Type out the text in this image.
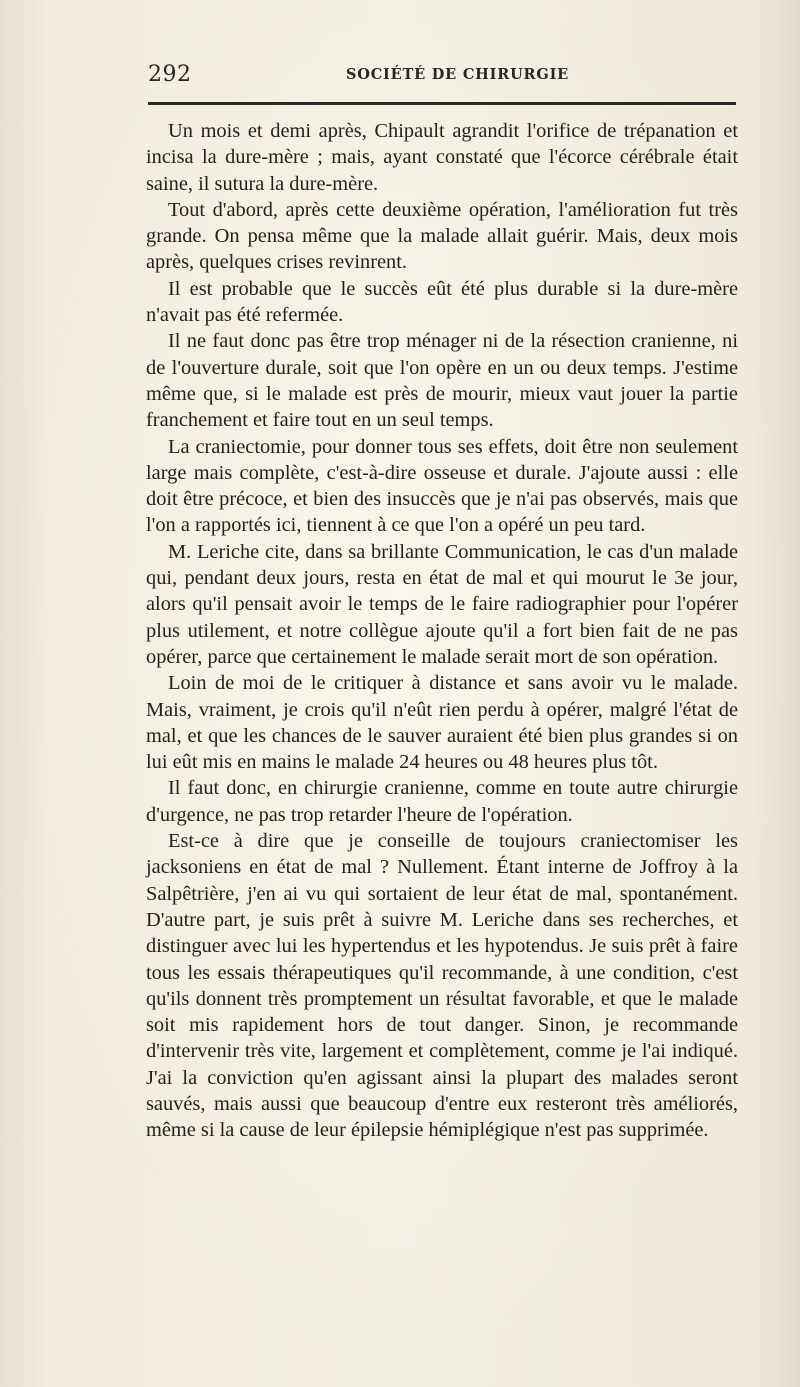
292	SOCIÉTÉ DE CHIRURGIE

Un mois et demi après, Chipault agrandit l'orifice de trépanation et incisa la dure-mère ; mais, ayant constaté que l'écorce cérébrale était saine, il sutura la dure-mère.

Tout d'abord, après cette deuxième opération, l'amélioration fut très grande. On pensa même que la malade allait guérir. Mais, deux mois après, quelques crises revinrent.

Il est probable que le succès eût été plus durable si la dure-mère n'avait pas été refermée.

Il ne faut donc pas être trop ménager ni de la résection cranienne, ni de l'ouverture durale, soit que l'on opère en un ou deux temps. J'estime même que, si le malade est près de mourir, mieux vaut jouer la partie franchement et faire tout en un seul temps.

La craniectomie, pour donner tous ses effets, doit être non seulement large mais complète, c'est-à-dire osseuse et durale. J'ajoute aussi : elle doit être précoce, et bien des insuccès que je n'ai pas observés, mais que l'on a rapportés ici, tiennent à ce que l'on a opéré un peu tard.

M. Leriche cite, dans sa brillante Communication, le cas d'un malade qui, pendant deux jours, resta en état de mal et qui mourut le 3e jour, alors qu'il pensait avoir le temps de le faire radiographier pour l'opérer plus utilement, et notre collègue ajoute qu'il a fort bien fait de ne pas opérer, parce que certainement le malade serait mort de son opération.

Loin de moi de le critiquer à distance et sans avoir vu le malade. Mais, vraiment, je crois qu'il n'eût rien perdu à opérer, malgré l'état de mal, et que les chances de le sauver auraient été bien plus grandes si on lui eût mis en mains le malade 24 heures ou 48 heures plus tôt.

Il faut donc, en chirurgie cranienne, comme en toute autre chirurgie d'urgence, ne pas trop retarder l'heure de l'opération.

Est-ce à dire que je conseille de toujours craniectomiser les jacksoniens en état de mal ? Nullement. Étant interne de Joffroy à la Salpêtrière, j'en ai vu qui sortaient de leur état de mal, spontanément. D'autre part, je suis prêt à suivre M. Leriche dans ses recherches, et distinguer avec lui les hypertendus et les hypotendus. Je suis prêt à faire tous les essais thérapeutiques qu'il recommande, à une condition, c'est qu'ils donnent très promptement un résultat favorable, et que le malade soit mis rapidement hors de tout danger. Sinon, je recommande d'intervenir très vite, largement et complètement, comme je l'ai indiqué. J'ai la conviction qu'en agissant ainsi la plupart des malades seront sauvés, mais aussi que beaucoup d'entre eux resteront très améliorés, même si la cause de leur épilepsie hémiplégique n'est pas supprimée.
